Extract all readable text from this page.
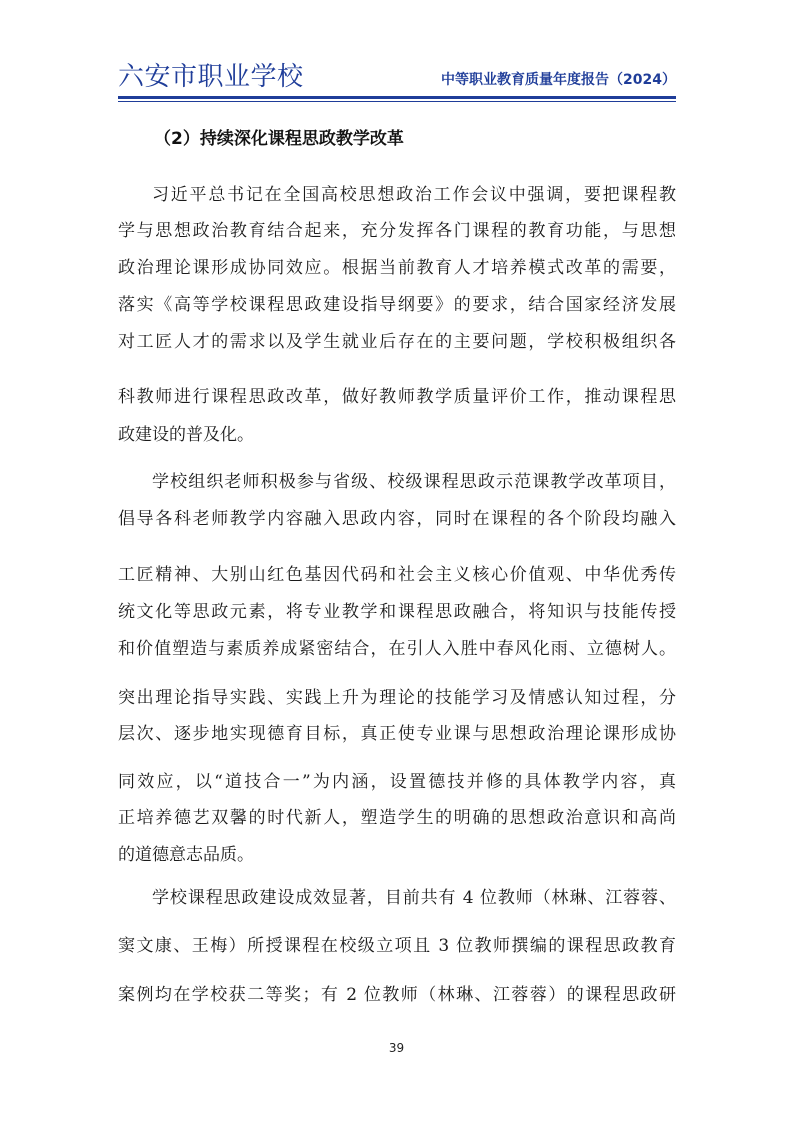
六安市职业学校	中等职业教育质量年度报告（2024）
（2）持续深化课程思政教学改革
习近平总书记在全国高校思想政治工作会议中强调，要把课程教
学与思想政治教育结合起来，充分发挥各门课程的教育功能，与思想
政治理论课形成协同效应。根据当前教育人才培养模式改革的需要，
落实《高等学校课程思政建设指导纲要》的要求，结合国家经济发展
对工匠人才的需求以及学生就业后存在的主要问题，学校积极组织各
科教师进行课程思政改革，做好教师教学质量评价工作，推动课程思
政建设的普及化。
学校组织老师积极参与省级、校级课程思政示范课教学改革项目，
倡导各科老师教学内容融入思政内容，同时在课程的各个阶段均融入
工匠精神、大别山红色基因代码和社会主义核心价值观、中华优秀传
统文化等思政元素，将专业教学和课程思政融合，将知识与技能传授
和价值塑造与素质养成紧密结合，在引人入胜中春风化雨、立德树人。
突出理论指导实践、实践上升为理论的技能学习及情感认知过程，分
层次、逐步地实现德育目标，真正使专业课与思想政治理论课形成协
同效应，以“道技合一”为内涵，设置德技并修的具体教学内容，真
正培养德艺双馨的时代新人，塑造学生的明确的思想政治意识和高尚
的道德意志品质。
学校课程思政建设成效显著，目前共有 4 位教师（林琳、江蓉蓉、
窦文康、王梅）所授课程在校级立项且 3 位教师撰编的课程思政教育
案例均在学校获二等奖；有 2 位教师（林琳、江蓉蓉）的课程思政研
39
